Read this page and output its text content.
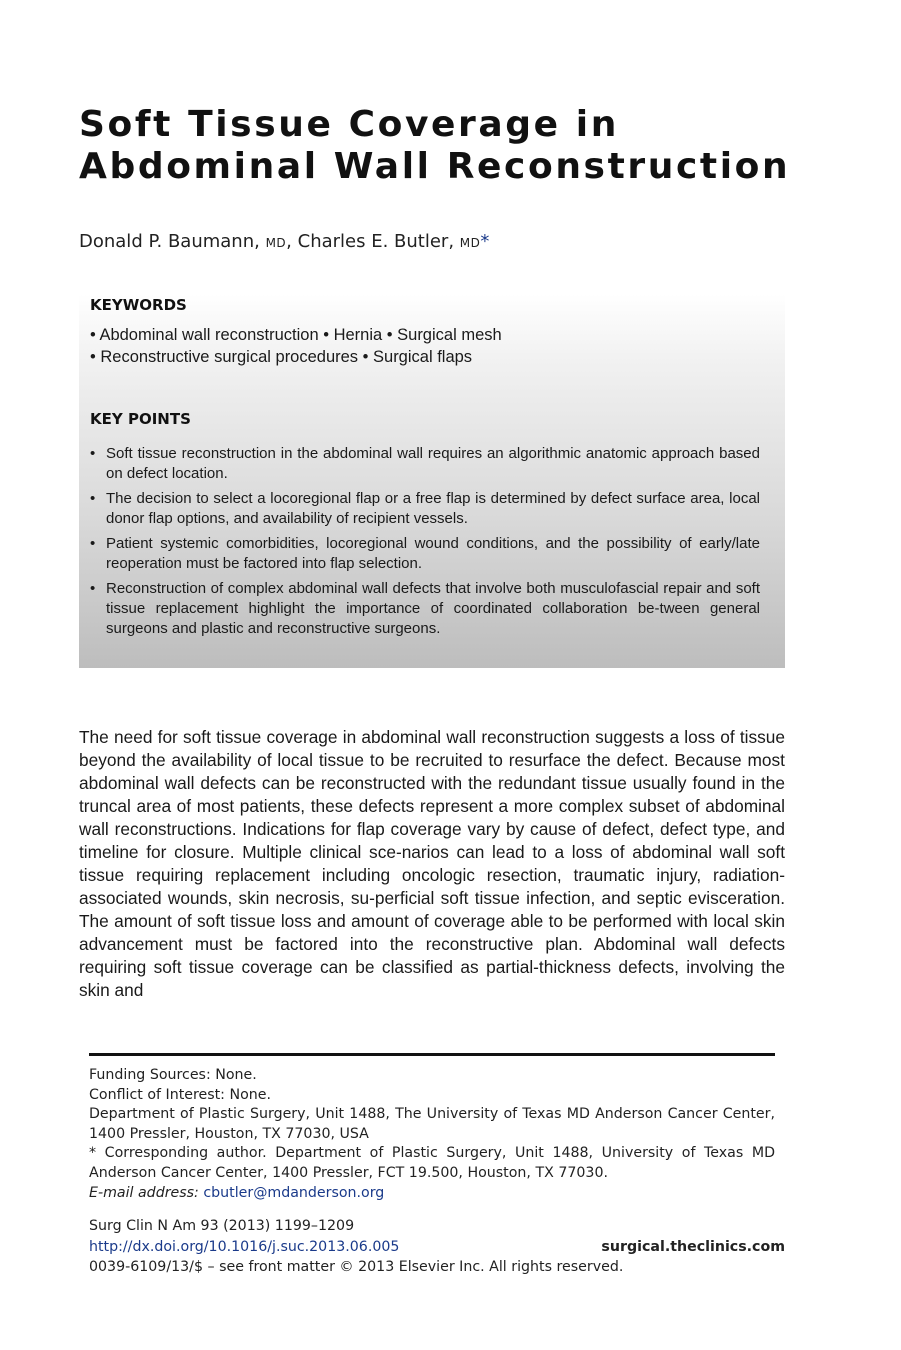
Soft Tissue Coverage in
Abdominal Wall Reconstruction
Donald P. Baumann, MD, Charles E. Butler, MD*
KEYWORDS
• Abdominal wall reconstruction • Hernia • Surgical mesh
• Reconstructive surgical procedures • Surgical flaps
KEY POINTS
• Soft tissue reconstruction in the abdominal wall requires an algorithmic anatomic approach based on defect location.
• The decision to select a locoregional flap or a free flap is determined by defect surface area, local donor flap options, and availability of recipient vessels.
• Patient systemic comorbidities, locoregional wound conditions, and the possibility of early/late reoperation must be factored into flap selection.
• Reconstruction of complex abdominal wall defects that involve both musculofascial repair and soft tissue replacement highlight the importance of coordinated collaboration be-tween general surgeons and plastic and reconstructive surgeons.

The need for soft tissue coverage in abdominal wall reconstruction suggests a loss of tissue beyond the availability of local tissue to be recruited to resurface the defect. Because most abdominal wall defects can be reconstructed with the redundant tissue usually found in the truncal area of most patients, these defects represent a more complex subset of abdominal wall reconstructions. Indications for flap coverage vary by cause of defect, defect type, and timeline for closure. Multiple clinical sce-narios can lead to a loss of abdominal wall soft tissue requiring replacement including oncologic resection, traumatic injury, radiation-associated wounds, skin necrosis, su-perficial soft tissue infection, and septic evisceration. The amount of soft tissue loss and amount of coverage able to be performed with local skin advancement must be factored into the reconstructive plan. Abdominal wall defects requiring soft tissue coverage can be classified as partial-thickness defects, involving the skin and

Funding Sources: None.
Conflict of Interest: None.
Department of Plastic Surgery, Unit 1488, The University of Texas MD Anderson Cancer Center, 1400 Pressler, Houston, TX 77030, USA
* Corresponding author. Department of Plastic Surgery, Unit 1488, University of Texas MD Anderson Cancer Center, 1400 Pressler, FCT 19.500, Houston, TX 77030.
E-mail address: cbutler@mdanderson.org
Surg Clin N Am 93 (2013) 1199–1209
http://dx.doi.org/10.1016/j.suc.2013.06.005	surgical.theclinics.com
0039-6109/13/$ – see front matter © 2013 Elsevier Inc. All rights reserved.
